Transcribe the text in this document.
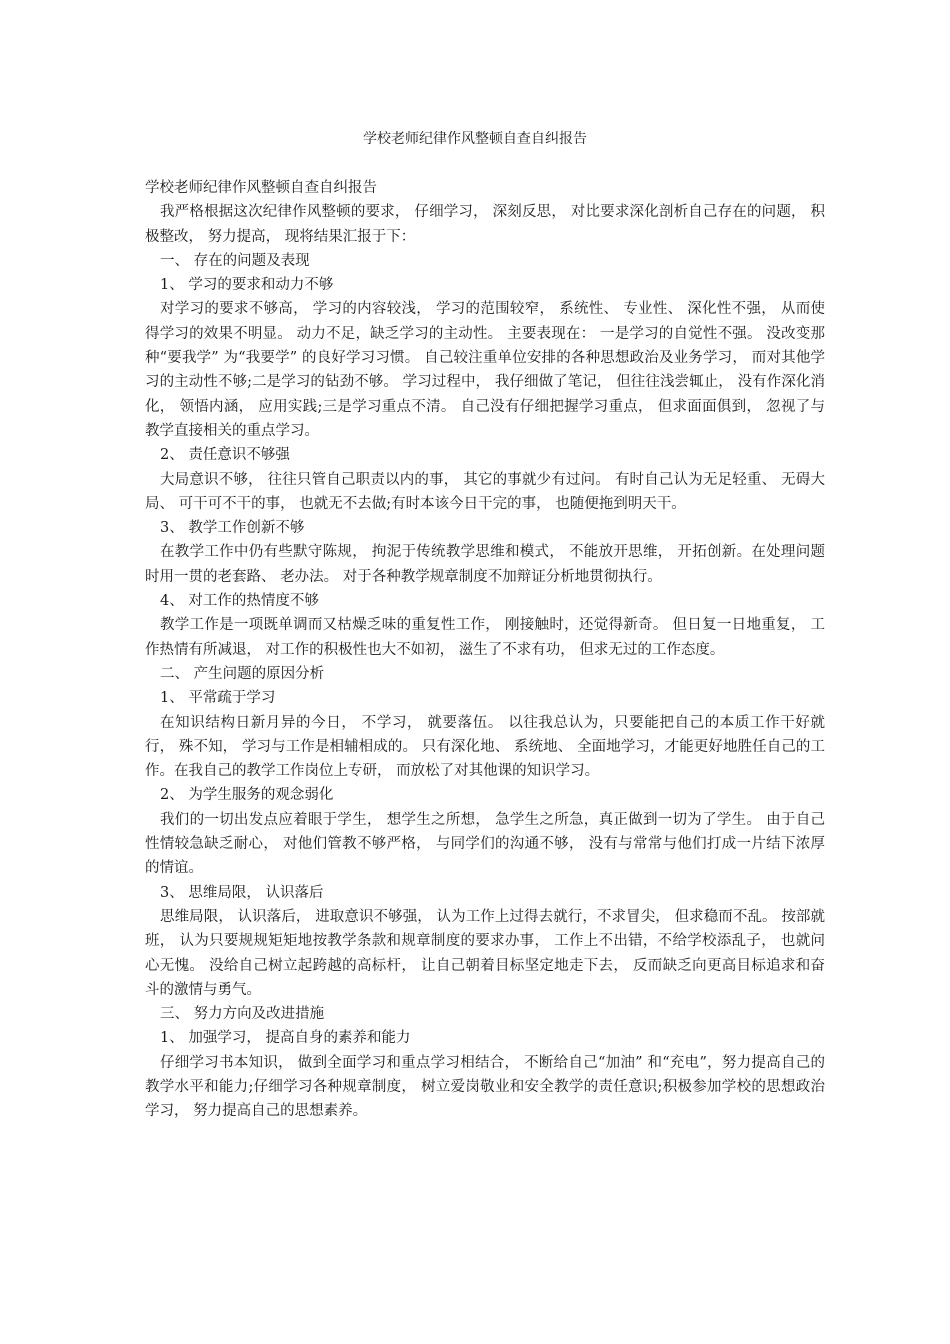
学校老师纪律作风整顿自查自纠报告

学校老师纪律作风整顿自查自纠报告

我严格根据这次纪律作风整顿的要求， 仔细学习， 深刻反思， 对比要求深化剖析自己存在的问题， 积极整改， 努力提高， 现将结果汇报于下：

一、 存在的问题及表现

1、 学习的要求和动力不够

对学习的要求不够高， 学习的内容较浅， 学习的范围较窄， 系统性、 专业性、 深化性不强， 从而使得学习的效果不明显。 动力不足，缺乏学习的主动性。 主要表现在： 一是学习的自觉性不强。 没改变那种“要我学” 为“我要学” 的良好学习习惯。 自己较注重单位安排的各种思想政治及业务学习， 而对其他学习的主动性不够;二是学习的钻劲不够。 学习过程中， 我仔细做了笔记， 但往往浅尝辄止， 没有作深化消化， 领悟内涵， 应用实践;三是学习重点不清。 自己没有仔细把握学习重点， 但求面面俱到， 忽视了与教学直接相关的重点学习。

2、 责任意识不够强

大局意识不够， 往往只管自己职责以内的事， 其它的事就少有过问。 有时自己认为无足轻重、 无碍大局、 可干可不干的事， 也就无不去做;有时本该今日干完的事， 也随便拖到明天干。

3、 教学工作创新不够

在教学工作中仍有些默守陈规， 拘泥于传统教学思维和模式， 不能放开思维， 开拓创新。在处理问题时用一贯的老套路、 老办法。 对于各种教学规章制度不加辩证分析地贯彻执行。

4、 对工作的热情度不够

教学工作是一项既单调而又枯燥乏味的重复性工作， 刚接触时，还觉得新奇。 但日复一日地重复， 工作热情有所减退， 对工作的积极性也大不如初， 滋生了不求有功， 但求无过的工作态度。

二、 产生问题的原因分析

1、 平常疏于学习

在知识结构日新月异的今日， 不学习， 就要落伍。 以往我总认为，只要能把自己的本质工作干好就行， 殊不知， 学习与工作是相辅相成的。 只有深化地、 系统地、 全面地学习，才能更好地胜任自己的工作。在我自己的教学工作岗位上专研， 而放松了对其他课的知识学习。

2、 为学生服务的观念弱化

我们的一切出发点应着眼于学生， 想学生之所想， 急学生之所急，真正做到一切为了学生。 由于自己性情较急缺乏耐心， 对他们管教不够严格， 与同学们的沟通不够， 没有与常常与他们打成一片结下浓厚的情谊。

3、 思维局限， 认识落后

思维局限， 认识落后， 进取意识不够强， 认为工作上过得去就行，不求冒尖， 但求稳而不乱。 按部就班， 认为只要规规矩矩地按教学条款和规章制度的要求办事， 工作上不出错，不给学校添乱子， 也就问心无愧。 没给自己树立起跨越的高标杆， 让自己朝着目标坚定地走下去， 反而缺乏向更高目标追求和奋斗的激情与勇气。

三、 努力方向及改进措施

1、 加强学习， 提高自身的素养和能力

仔细学习书本知识， 做到全面学习和重点学习相结合， 不断给自己“加油” 和“充电”，努力提高自己的教学水平和能力;仔细学习各种规章制度， 树立爱岗敬业和安全教学的责任意识;积极参加学校的思想政治学习， 努力提高自己的思想素养。
